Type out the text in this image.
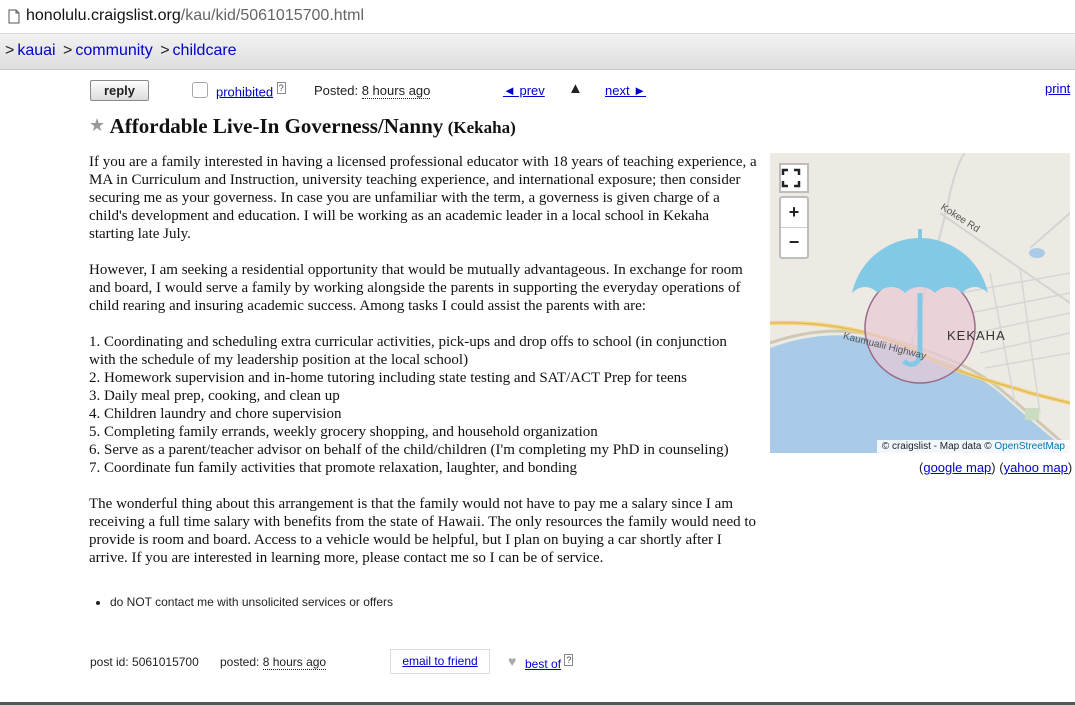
honolulu.craigslist.org/kau/kid/5061015700.html
> kauai > community > childcare
reply	prohibited ? Posted: 8 hours ago	◄ prev ▲ next ►	print
★ Affordable Live-In Governess/Nanny (Kekaha)

If you are a family interested in having a licensed professional educator with 18 years of teaching experience, a MA in Curriculum and Instruction, university teaching experience, and international exposure; then consider securing me as your governess. In case you are unfamiliar with the term, a governess is given charge of a child's development and education. I will be working as an academic leader in a local school in Kekaha starting late July.

However, I am seeking a residential opportunity that would be mutually advantageous. In exchange for room and board, I would serve a family by working alongside the parents in supporting the everyday operations of child rearing and insuring academic success. Among tasks I could assist the parents with are:

1. Coordinating and scheduling extra curricular activities, pick-ups and drop offs to school (in conjunction with the schedule of my leadership position at the local school)
2. Homework supervision and in-home tutoring including state testing and SAT/ACT Prep for teens
3. Daily meal prep, cooking, and clean up
4. Children laundry and chore supervision
5. Completing family errands, weekly grocery shopping, and household organization
6. Serve as a parent/teacher advisor on behalf of the child/children (I'm completing my PhD in counseling)
7. Coordinate fun family activities that promote relaxation, laughter, and bonding

The wonderful thing about this arrangement is that the family would not have to pay me a salary since I am receiving a full time salary with benefits from the state of Hawaii. The only resources the family would need to provide is room and board. Access to a vehicle would be helpful, but I plan on buying a car shortly after I arrive. If you are interested in learning more, please contact me so I can be of service.

• do NOT contact me with unsolicited services or offers
Kokee Rd
Kaumualii Highway KEKAHA
+
−
© craigslist - Map data © OpenStreetMap
(google map) (yahoo map)
post id: 5061015700 posted: 8 hours ago	email to friend	♥ best of ?
